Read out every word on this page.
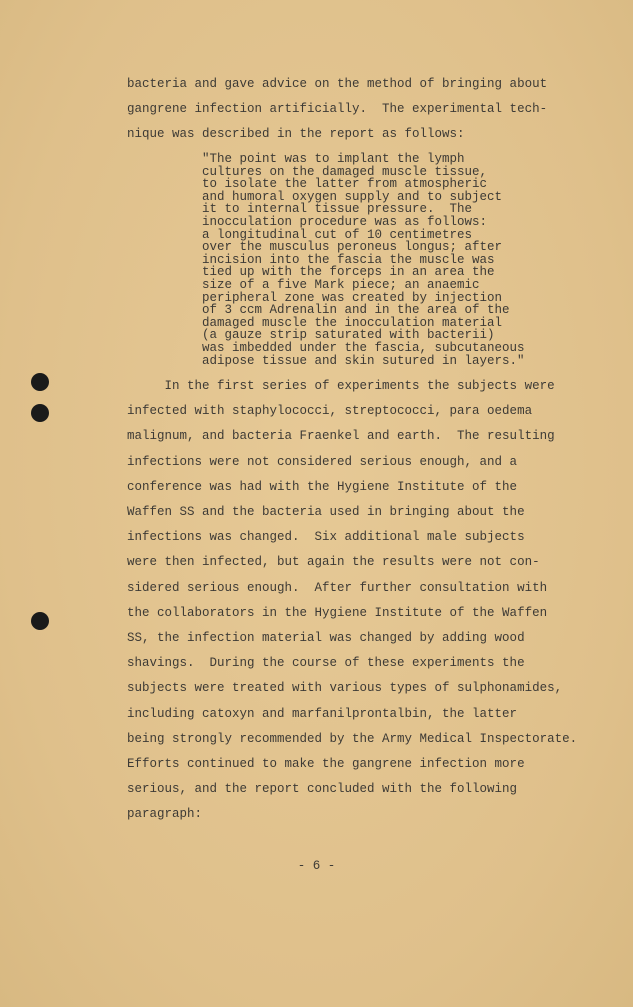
bacteria and gave advice on the method of bringing about
gangrene infection artificially.  The experimental tech-
nique was described in the report as follows:
"The point was to implant the lymph
cultures on the damaged muscle tissue,
to isolate the latter from atmospheric
and humoral oxygen supply and to subject
it to internal tissue pressure.  The
inocculation procedure was as follows:
a longitudinal cut of 10 centimetres
over the musculus peroneus longus; after
incision into the fascia the muscle was
tied up with the forceps in an area the
size of a five Mark piece; an anaemic
peripheral zone was created by injection
of 3 ccm Adrenalin and in the area of the
damaged muscle the inocculation material
(a gauze strip saturated with bacterii)
was imbedded under the fascia, subcutaneous
adipose tissue and skin sutured in layers."
In the first series of experiments the subjects were
infected with staphylococci, streptococci, para oedema
malignum, and bacteria Fraenkel and earth.  The resulting
infections were not considered serious enough, and a
conference was had with the Hygiene Institute of the
Waffen SS and the bacteria used in bringing about the
infections was changed.  Six additional male subjects
were then infected, but again the results were not con-
sidered serious enough.  After further consultation with
the collaborators in the Hygiene Institute of the Waffen
SS, the infection material was changed by adding wood
shavings.  During the course of these experiments the
subjects were treated with various types of sulphonamides,
including catoxyn and marfanilprontalbin, the latter
being strongly recommended by the Army Medical Inspectorate.
Efforts continued to make the gangrene infection more
serious, and the report concluded with the following
paragraph:
- 6 -
